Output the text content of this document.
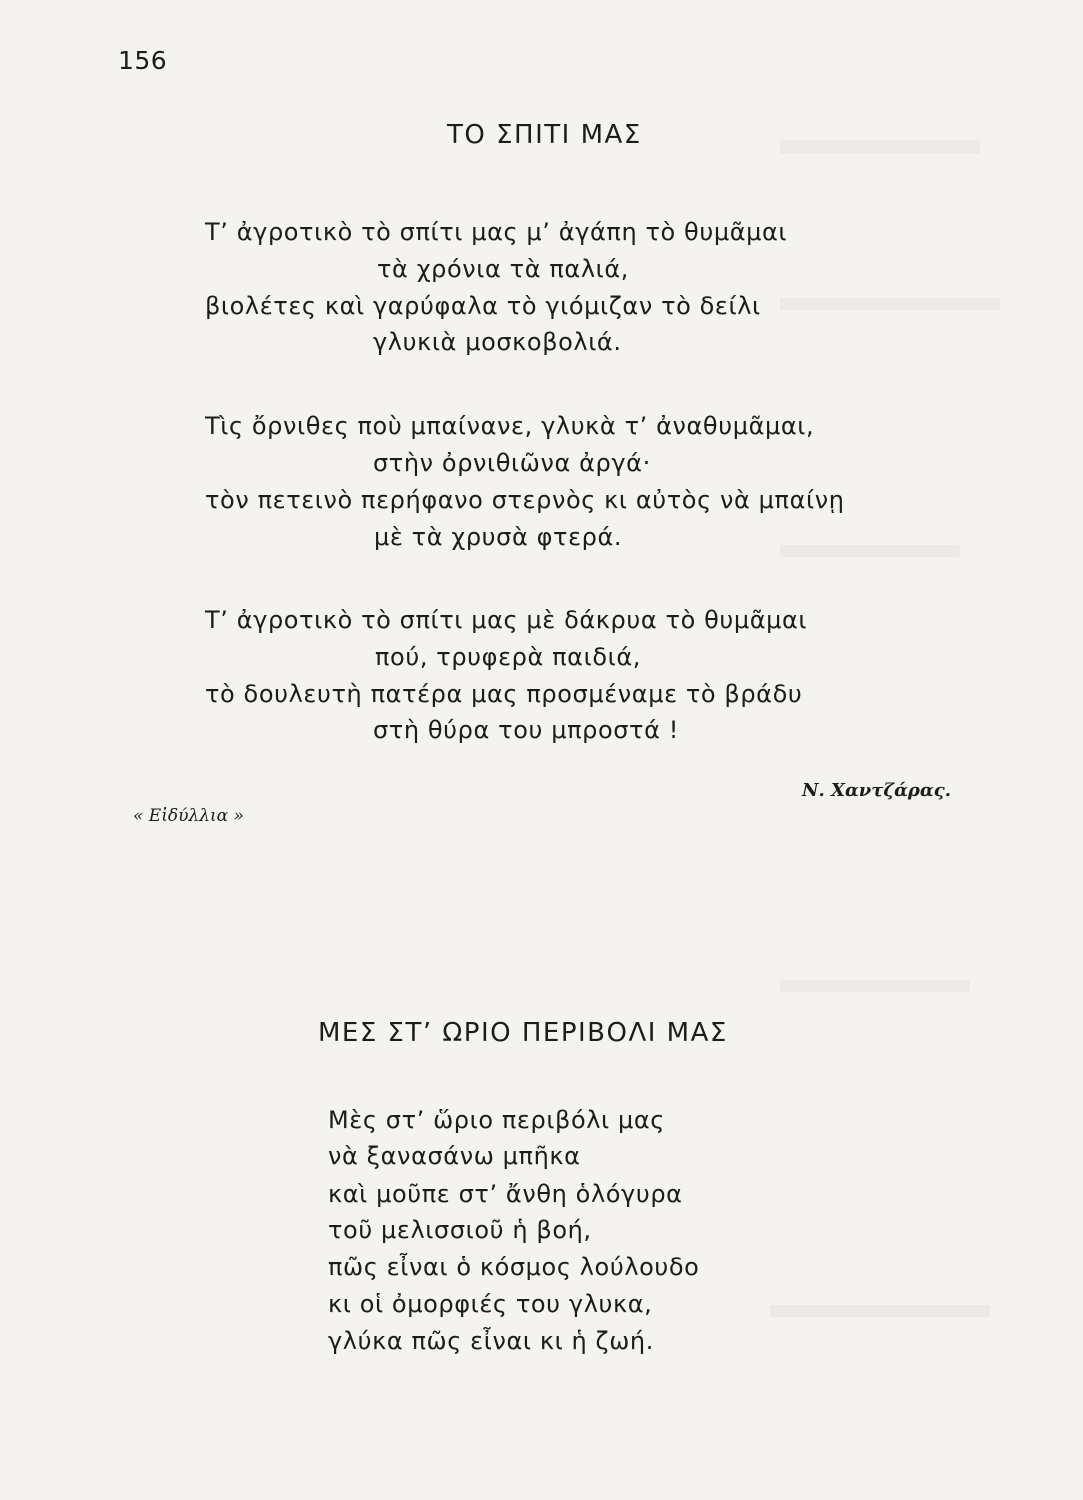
156
ΤΟ ΣΠΙΤΙ ΜΑΣ
Τ’ ἀγροτικὸ τὸ σπίτι μας μ’ ἀγάπη τὸ θυμᾶμαι
τὰ χρόνια τὰ παλιά,
βιολέτες καὶ γαρύφαλα τὸ γιόμιζαν τὸ δείλι
γλυκιὰ μοσκοβολιά.
Τὶς ὄρνιθες ποὺ μπαίνανε, γλυκὰ τ’ ἀναθυμᾶμαι,
στὴν ὀρνιθιῶνα ἀργά·
τὸν πετεινὸ περήφανο στερνὸς κι αὐτὸς νὰ μπαίνῃ
μὲ τὰ χρυσὰ φτερά.
Τ’ ἀγροτικὸ τὸ σπίτι μας μὲ δάκρυα τὸ θυμᾶμαι
πού, τρυφερὰ παιδιά,
τὸ δουλευτὴ πατέρα μας προσμέναμε τὸ βράδυ
στὴ θύρα του μπροστά !
Ν. Χαντζάρας.
« Εἰδύλλια »
ΜΕΣ ΣΤ’ ΩΡΙΟ ΠΕΡΙΒΟΛΙ ΜΑΣ
Μὲς στ’ ὥριο περιβόλι μας
νὰ ξανασάνω μπῆκα
καὶ μοῦπε στ’ ἄνθη ὁλόγυρα
τοῦ μελισσιοῦ ἡ βοή,
πῶς εἶναι ὁ κόσμος λούλουδο
κι οἱ ὀμορφιές του γλυκα,
γλύκα πῶς εἶναι κι ἡ ζωή.
